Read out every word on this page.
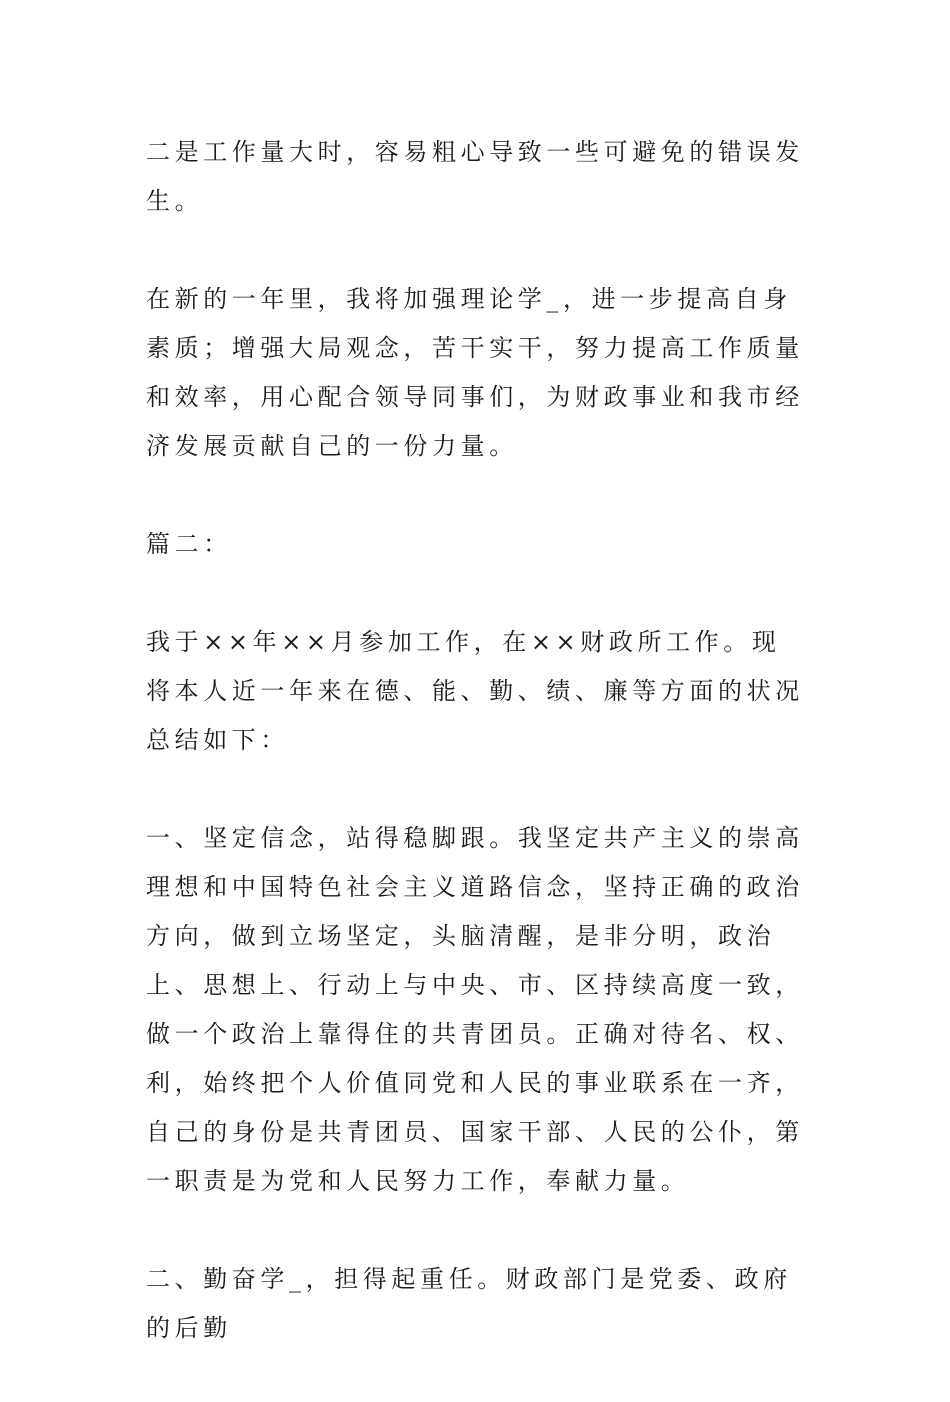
二是工作量大时，容易粗心导致一些可避免的错误发生。

在新的一年里，我将加强理论学_，进一步提高自身素质；增强大局观念，苦干实干，努力提高工作质量和效率，用心配合领导同事们，为财政事业和我市经济发展贡献自己的一份力量。

篇二：

我于××年××月参加工作，在××财政所工作。现将本人近一年来在德、能、勤、绩、廉等方面的状况总结如下：

一、坚定信念，站得稳脚跟。我坚定共产主义的崇高理想和中国特色社会主义道路信念，坚持正确的政治方向，做到立场坚定，头脑清醒，是非分明，政治上、思想上、行动上与中央、市、区持续高度一致，做一个政治上靠得住的共青团员。正确对待名、权、利，始终把个人价值同党和人民的事业联系在一齐，自己的身份是共青团员、国家干部、人民的公仆，第一职责是为党和人民努力工作，奉献力量。

二、勤奋学_，担得起重任。财政部门是党委、政府的后勤
